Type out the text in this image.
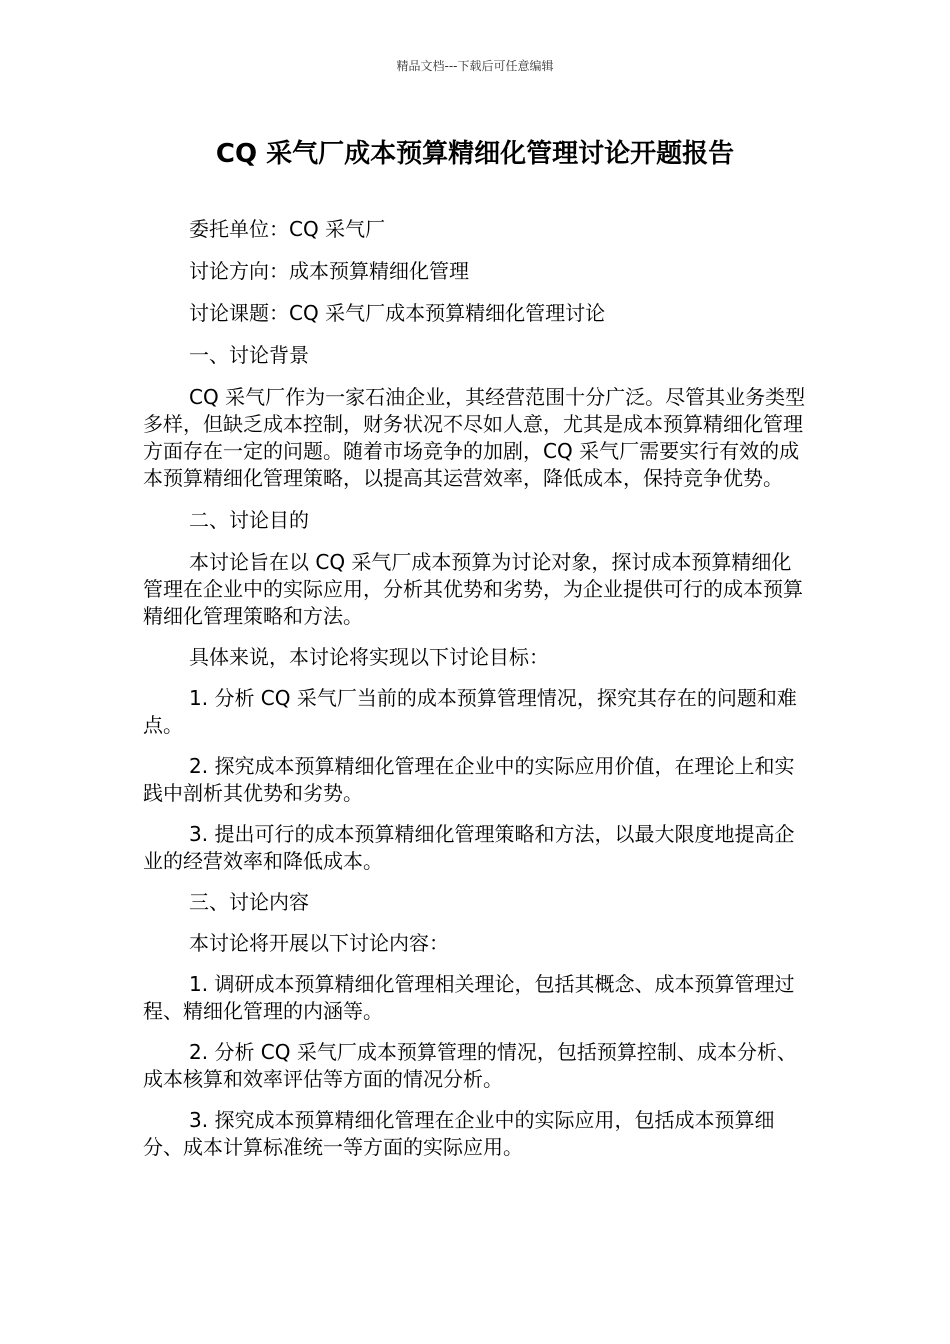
精品文档---下载后可任意编辑
CQ 采气厂成本预算精细化管理讨论开题报告

委托单位：CQ 采气厂

讨论方向：成本预算精细化管理

讨论课题：CQ 采气厂成本预算精细化管理讨论

一、讨论背景

CQ 采气厂作为一家石油企业，其经营范围十分广泛。尽管其业务类型多样，但缺乏成本控制，财务状况不尽如人意，尤其是成本预算精细化管理方面存在一定的问题。随着市场竞争的加剧，CQ 采气厂需要实行有效的成本预算精细化管理策略，以提高其运营效率，降低成本，保持竞争优势。

二、讨论目的

本讨论旨在以 CQ 采气厂成本预算为讨论对象，探讨成本预算精细化管理在企业中的实际应用，分析其优势和劣势，为企业提供可行的成本预算精细化管理策略和方法。

具体来说，本讨论将实现以下讨论目标：

1. 分析 CQ 采气厂当前的成本预算管理情况，探究其存在的问题和难点。

2. 探究成本预算精细化管理在企业中的实际应用价值，在理论上和实践中剖析其优势和劣势。

3. 提出可行的成本预算精细化管理策略和方法，以最大限度地提高企业的经营效率和降低成本。

三、讨论内容

本讨论将开展以下讨论内容：

1. 调研成本预算精细化管理相关理论，包括其概念、成本预算管理过程、精细化管理的内涵等。

2. 分析 CQ 采气厂成本预算管理的情况，包括预算控制、成本分析、成本核算和效率评估等方面的情况分析。

3. 探究成本预算精细化管理在企业中的实际应用，包括成本预算细分、成本计算标准统一等方面的实际应用。
